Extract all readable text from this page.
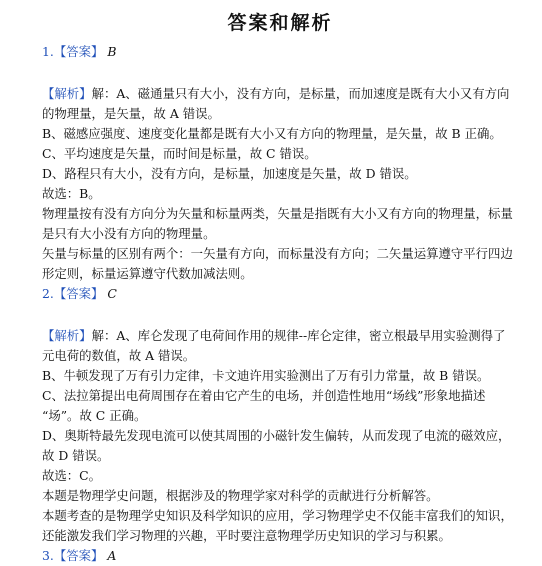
答案和解析
1.【答案】 B
【解析】解：A、磁通量只有大小，没有方向，是标量，而加速度是既有大小又有方向
的物理量，是矢量，故 A 错误。
B、磁感应强度、速度变化量都是既有大小又有方向的物理量，是矢量，故 B 正确。
C、平均速度是矢量，而时间是标量，故 C 错误。
D、路程只有大小，没有方向，是标量，加速度是矢量，故 D 错误。
故选：B。
物理量按有没有方向分为矢量和标量两类，矢量是指既有大小又有方向的物理量，标量
是只有大小没有方向的物理量。
矢量与标量的区别有两个：一矢量有方向，而标量没有方向；二矢量运算遵守平行四边
形定则，标量运算遵守代数加减法则。
2.【答案】 C
【解析】解：A、库仑发现了电荷间作用的规律--库仑定律，密立根最早用实验测得了
元电荷的数值，故 A 错误。
B、牛顿发现了万有引力定律，卡文迪许用实验测出了万有引力常量，故 B 错误。
C、法拉第提出电荷周围存在着由它产生的电场，并创造性地用“场线”形象地描述
“场”。故 C 正确。
D、奥斯特最先发现电流可以使其周围的小磁针发生偏转，从而发现了电流的磁效应，
故 D 错误。
故选：C。
本题是物理学史问题，根据涉及的物理学家对科学的贡献进行分析解答。
本题考查的是物理学史知识及科学知识的应用，学习物理学史不仅能丰富我们的知识，
还能激发我们学习物理的兴趣，平时要注意物理学历史知识的学习与积累。
3.【答案】 A
